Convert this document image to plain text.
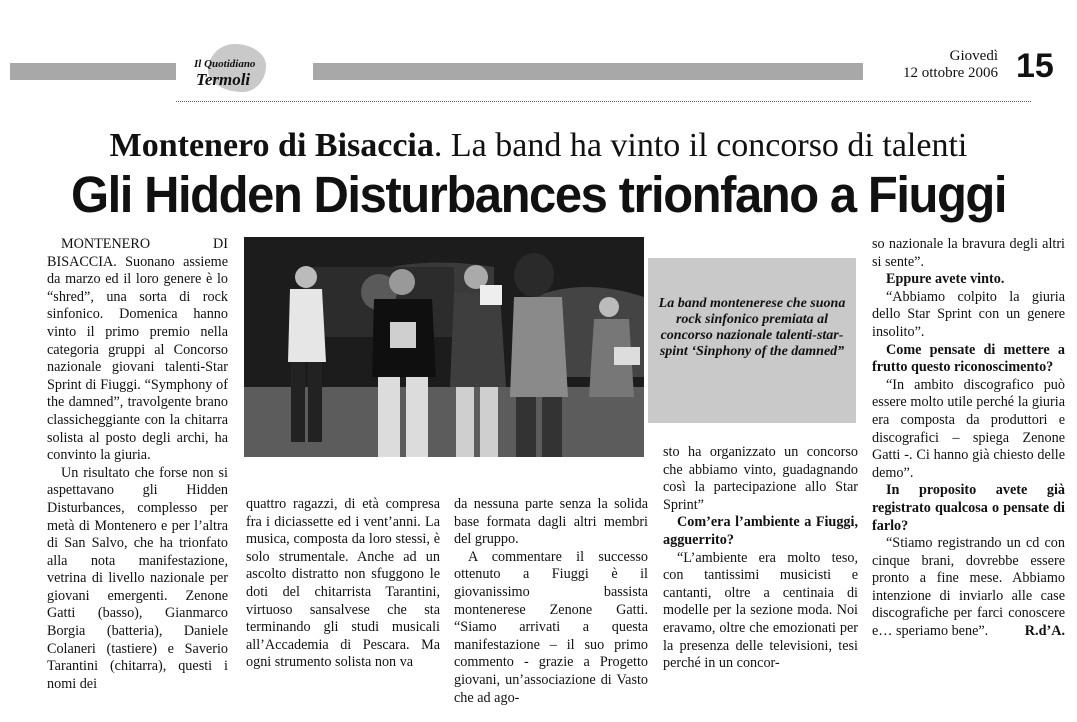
Il Quotidiano
Termoli
Giovedì
12 ottobre 2006 15
Montenero di Bisaccia. La band ha vinto il concorso di talenti
Gli Hidden Disturbances trionfano a Fiuggi

MONTENERO DI BISACCIA. Suonano assieme da marzo ed il loro genere è lo “shred”, una sorta di rock sinfonico. Domenica hanno vinto il primo premio nella categoria gruppi al Concorso nazionale giovani talenti-Star Sprint di Fiuggi. “Symphony of the damned”, travolgente brano classicheggiante con la chitarra solista al posto degli archi, ha convinto la giuria.

Un risultato che forse non si aspettavano gli Hidden Disturbances, complesso per metà di Montenero e per l’altra di San Salvo, che ha trionfato alla nota manifestazione, vetrina di livello nazionale per giovani emergenti. Zenone Gatti (basso), Gianmarco Borgia (batteria), Daniele Colaneri (tastiere) e Saverio Tarantini (chitarra), questi i nomi dei

La band montenerese che suona rock sinfonico premiata al concorso nazionale talenti-star-spint ‘Sinphony of the damned”

quattro ragazzi, di età compresa fra i diciassette ed i vent’anni. La musica, composta da loro stessi, è solo strumentale. Anche ad un ascolto distratto non sfuggono le doti del chitarrista Tarantini, virtuoso sansalvese che sta terminando gli studi musicali all’Accademia di Pescara. Ma ogni strumento solista non va

da nessuna parte senza la solida base formata dagli altri membri del gruppo.

A commentare il successo ottenuto a Fiuggi è il giovanissimo bassista montenerese Zenone Gatti. “Siamo arrivati a questa manifestazione – il suo primo commento - grazie a Progetto giovani, un’associazione di Vasto che ad ago-

sto ha organizzato un concorso che abbiamo vinto, guadagnando così la partecipazione allo Star Sprint”

Com’era l’ambiente a Fiuggi, agguerrito?

“L’ambiente era molto teso, con tantissimi musicisti e cantanti, oltre a centinaia di modelle per la sezione moda. Noi eravamo, oltre che emozionati per la presenza delle televisioni, tesi perché in un concor-

so nazionale la bravura degli altri si sente”.

Eppure avete vinto.

“Abbiamo colpito la giuria dello Star Sprint con un genere insolito”.

Come pensate di mettere a frutto questo riconoscimento?

“In ambito discografico può essere molto utile perché la giuria era composta da produttori e discografici – spiega Zenone Gatti -. Ci hanno già chiesto delle demo”.

In proposito avete già registrato qualcosa o pensate di farlo?

“Stiamo registrando un cd con cinque brani, dovrebbe essere pronto a fine mese. Abbiamo intenzione di inviarlo alle case discografiche per farci conoscere e… speriamo bene”.	R.d’A.
